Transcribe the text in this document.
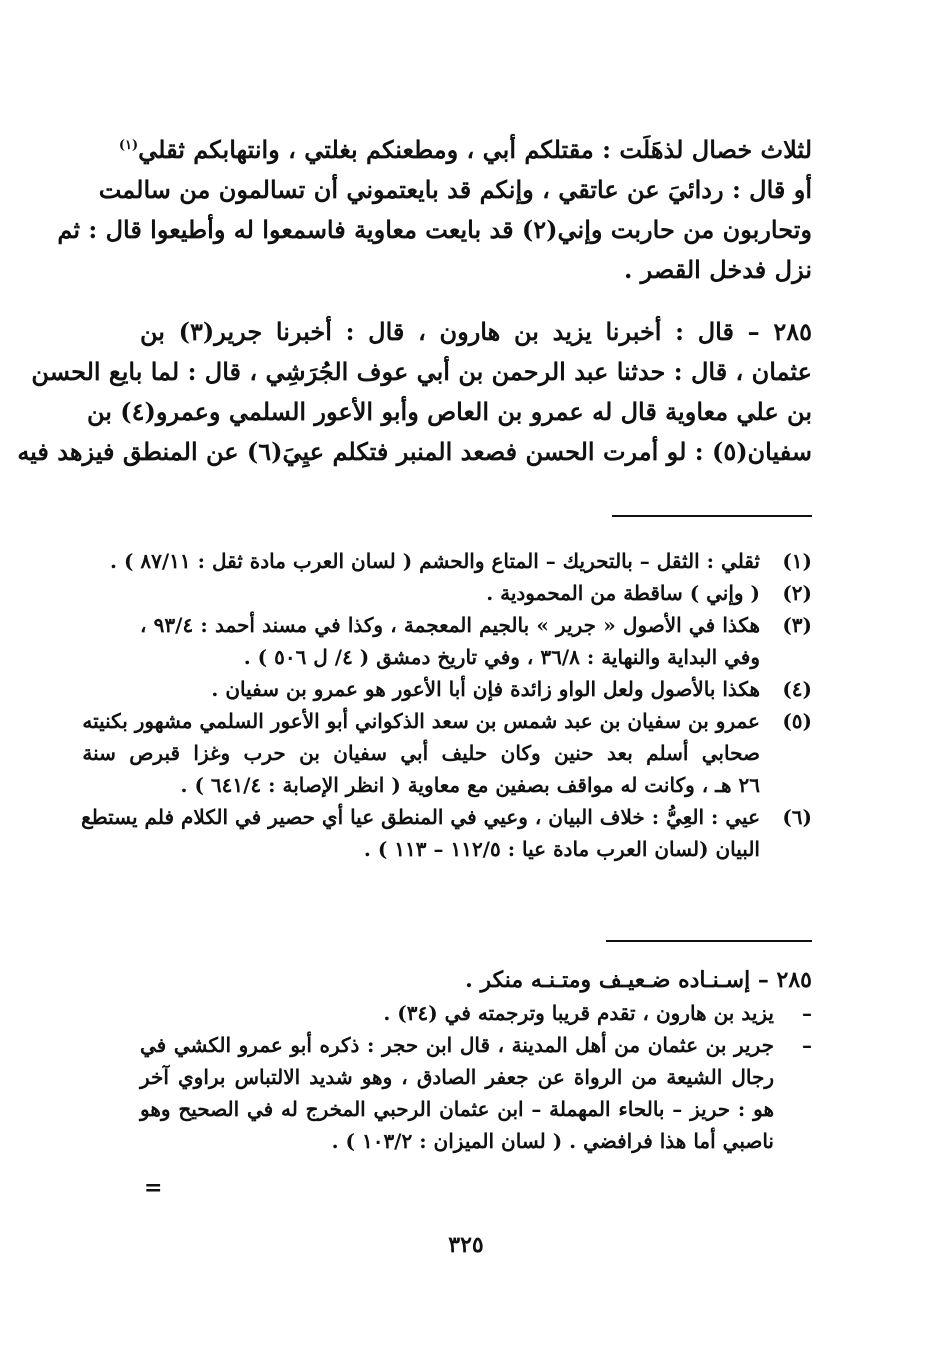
لثلاث خصال لذهَلَت : مقتلكم أبي ، ومطعنكم بغلتي ، وانتهابكم ثقلي$^{(١)}$
أو قال : ردائيَ عن عاتقي ، وإنكم قد بايعتموني أن تسالمون من سالمت
وتحاربون من حاربت وإني(٢) قد بايعت معاوية فاسمعوا له وأطيعوا قال : ثم
نزل فدخل القصر .
٢٨٥ – قال : أخبرنا يزيد بن هارون ، قال : أخبرنا جرير(٣) بن
عثمان ، قال : حدثنا عبد الرحمن بن أبي عوف الجُرَشِي ، قال : لما بايع الحسن
بن علي معاوية قال له عمرو بن العاص وأبو الأعور السلمي وعمرو(٤) بن
سفيان(٥) : لو أمرت الحسن فصعد المنبر فتكلم عيِيَ(٦) عن المنطق فيزهد فيه
(١)
ثقلي : الثقل – بالتحريك – المتاع والحشم ( لسان العرب مادة ثقل : ٨٧/١١ ) .
(٢)
( وإني ) ساقطة من المحمودية .
(٣)
هكذا في الأصول « جرير » بالجيم المعجمة ، وكذا في مسند أحمد : ٩٣/٤ ،
وفي البداية والنهاية : ٣٦/٨ ، وفي تاريخ دمشق ( ٤/ ل ٥٠٦ ) .
(٤)
هكذا بالأصول ولعل الواو زائدة فإن أبا الأعور هو عمرو بن سفيان .
(٥)
عمرو بن سفيان بن عبد شمس بن سعد الذكواني أبو الأعور السلمي مشهور بكنيته
صحابي أسلم بعد حنين وكان حليف أبي سفيان بن حرب وغزا قبرص سنة
٢٦ هـ ، وكانت له مواقف بصفين مع معاوية ( انظر الإصابة : ٦٤١/٤ ) .
(٦)
عيي : العِيُّ : خلاف البيان ، وعيي في المنطق عيا أي حصير في الكلام فلم يستطع
البيان (لسان العرب مادة عيا : ١١٢/٥ – ١١٣ ) .
٢٨٥ – إسـنـاده ضـعيـف ومتـنـه منكر .
–
يزيد بن هارون ، تقدم قريبا وترجمته في (٣٤) .
–
جرير بن عثمان من أهل المدينة ، قال ابن حجر : ذكره أبو عمرو الكشي في
رجال الشيعة من الرواة عن جعفر الصادق ، وهو شديد الالتباس براوي آخر
هو : حريز – بالحاء المهملة – ابن عثمان الرحبي المخرج له في الصحيح وهو
ناصبي أما هذا فرافضي . ( لسان الميزان : ١٠٣/٢ ) .
=
٣٢٥
